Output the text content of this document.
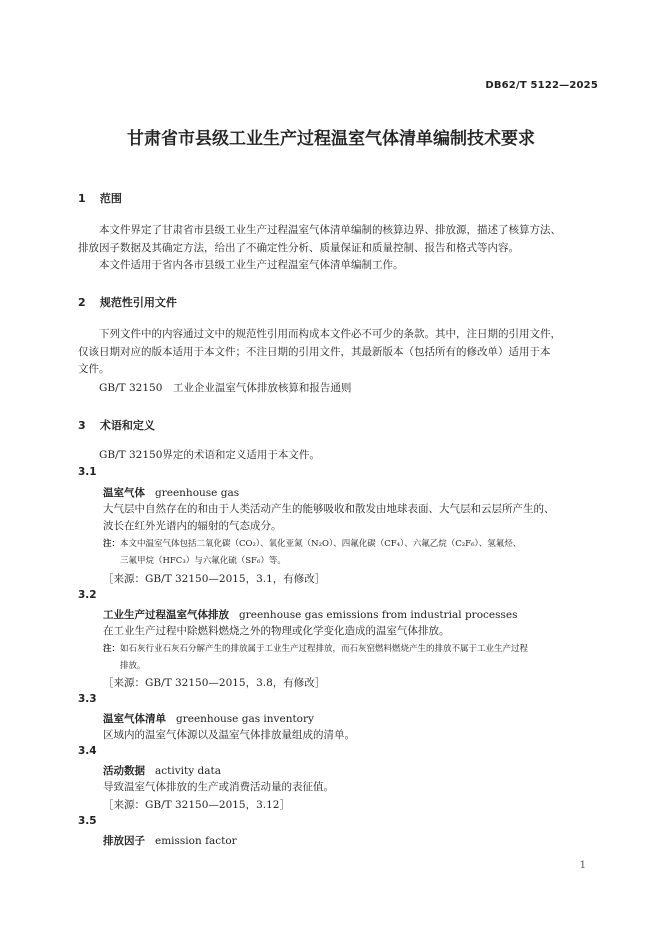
DB62/T 5122—2025
甘肃省市县级工业生产过程温室气体清单编制技术要求
1 范围
本文件界定了甘肃省市县级工业生产过程温室气体清单编制的核算边界、排放源，描述了核算方法、
排放因子数据及其确定方法，给出了不确定性分析、质量保证和质量控制、报告和格式等内容。
本文件适用于省内各市县级工业生产过程温室气体清单编制工作。
2 规范性引用文件
下列文件中的内容通过文中的规范性引用而构成本文件必不可少的条款。其中，注日期的引用文件，
仅该日期对应的版本适用于本文件；不注日期的引用文件，其最新版本（包括所有的修改单）适用于本
文件。
GB/T 32150　工业企业温室气体排放核算和报告通则
3 术语和定义
GB/T 32150界定的术语和定义适用于本文件。
3.1
温室气体 greenhouse gas
大气层中自然存在的和由于人类活动产生的能够吸收和散发由地球表面、大气层和云层所产生的、
波长在红外光谱内的辐射的气态成分。
注：本文中温室气体包括二氧化碳（CO₂）、氧化亚氮（N₂O）、四氟化碳（CF₄）、六氟乙烷（C₂F₆）、氢氟烃、
三氟甲烷（HFC₃）与六氟化硫（SF₆）等。
［来源：GB/T 32150—2015，3.1，有修改］
3.2
工业生产过程温室气体排放 greenhouse gas emissions from industrial processes
在工业生产过程中除燃料燃烧之外的物理或化学变化造成的温室气体排放。
注：如石灰行业石灰石分解产生的排放属于工业生产过程排放，而石灰窑燃料燃烧产生的排放不属于工业生产过程
排放。
［来源：GB/T 32150—2015，3.8，有修改］
3.3
温室气体清单 greenhouse gas inventory
区域内的温室气体源以及温室气体排放量组成的清单。
3.4
活动数据 activity data
导致温室气体排放的生产或消费活动量的表征值。
［来源：GB/T 32150—2015，3.12］
3.5
排放因子 emission factor
1
